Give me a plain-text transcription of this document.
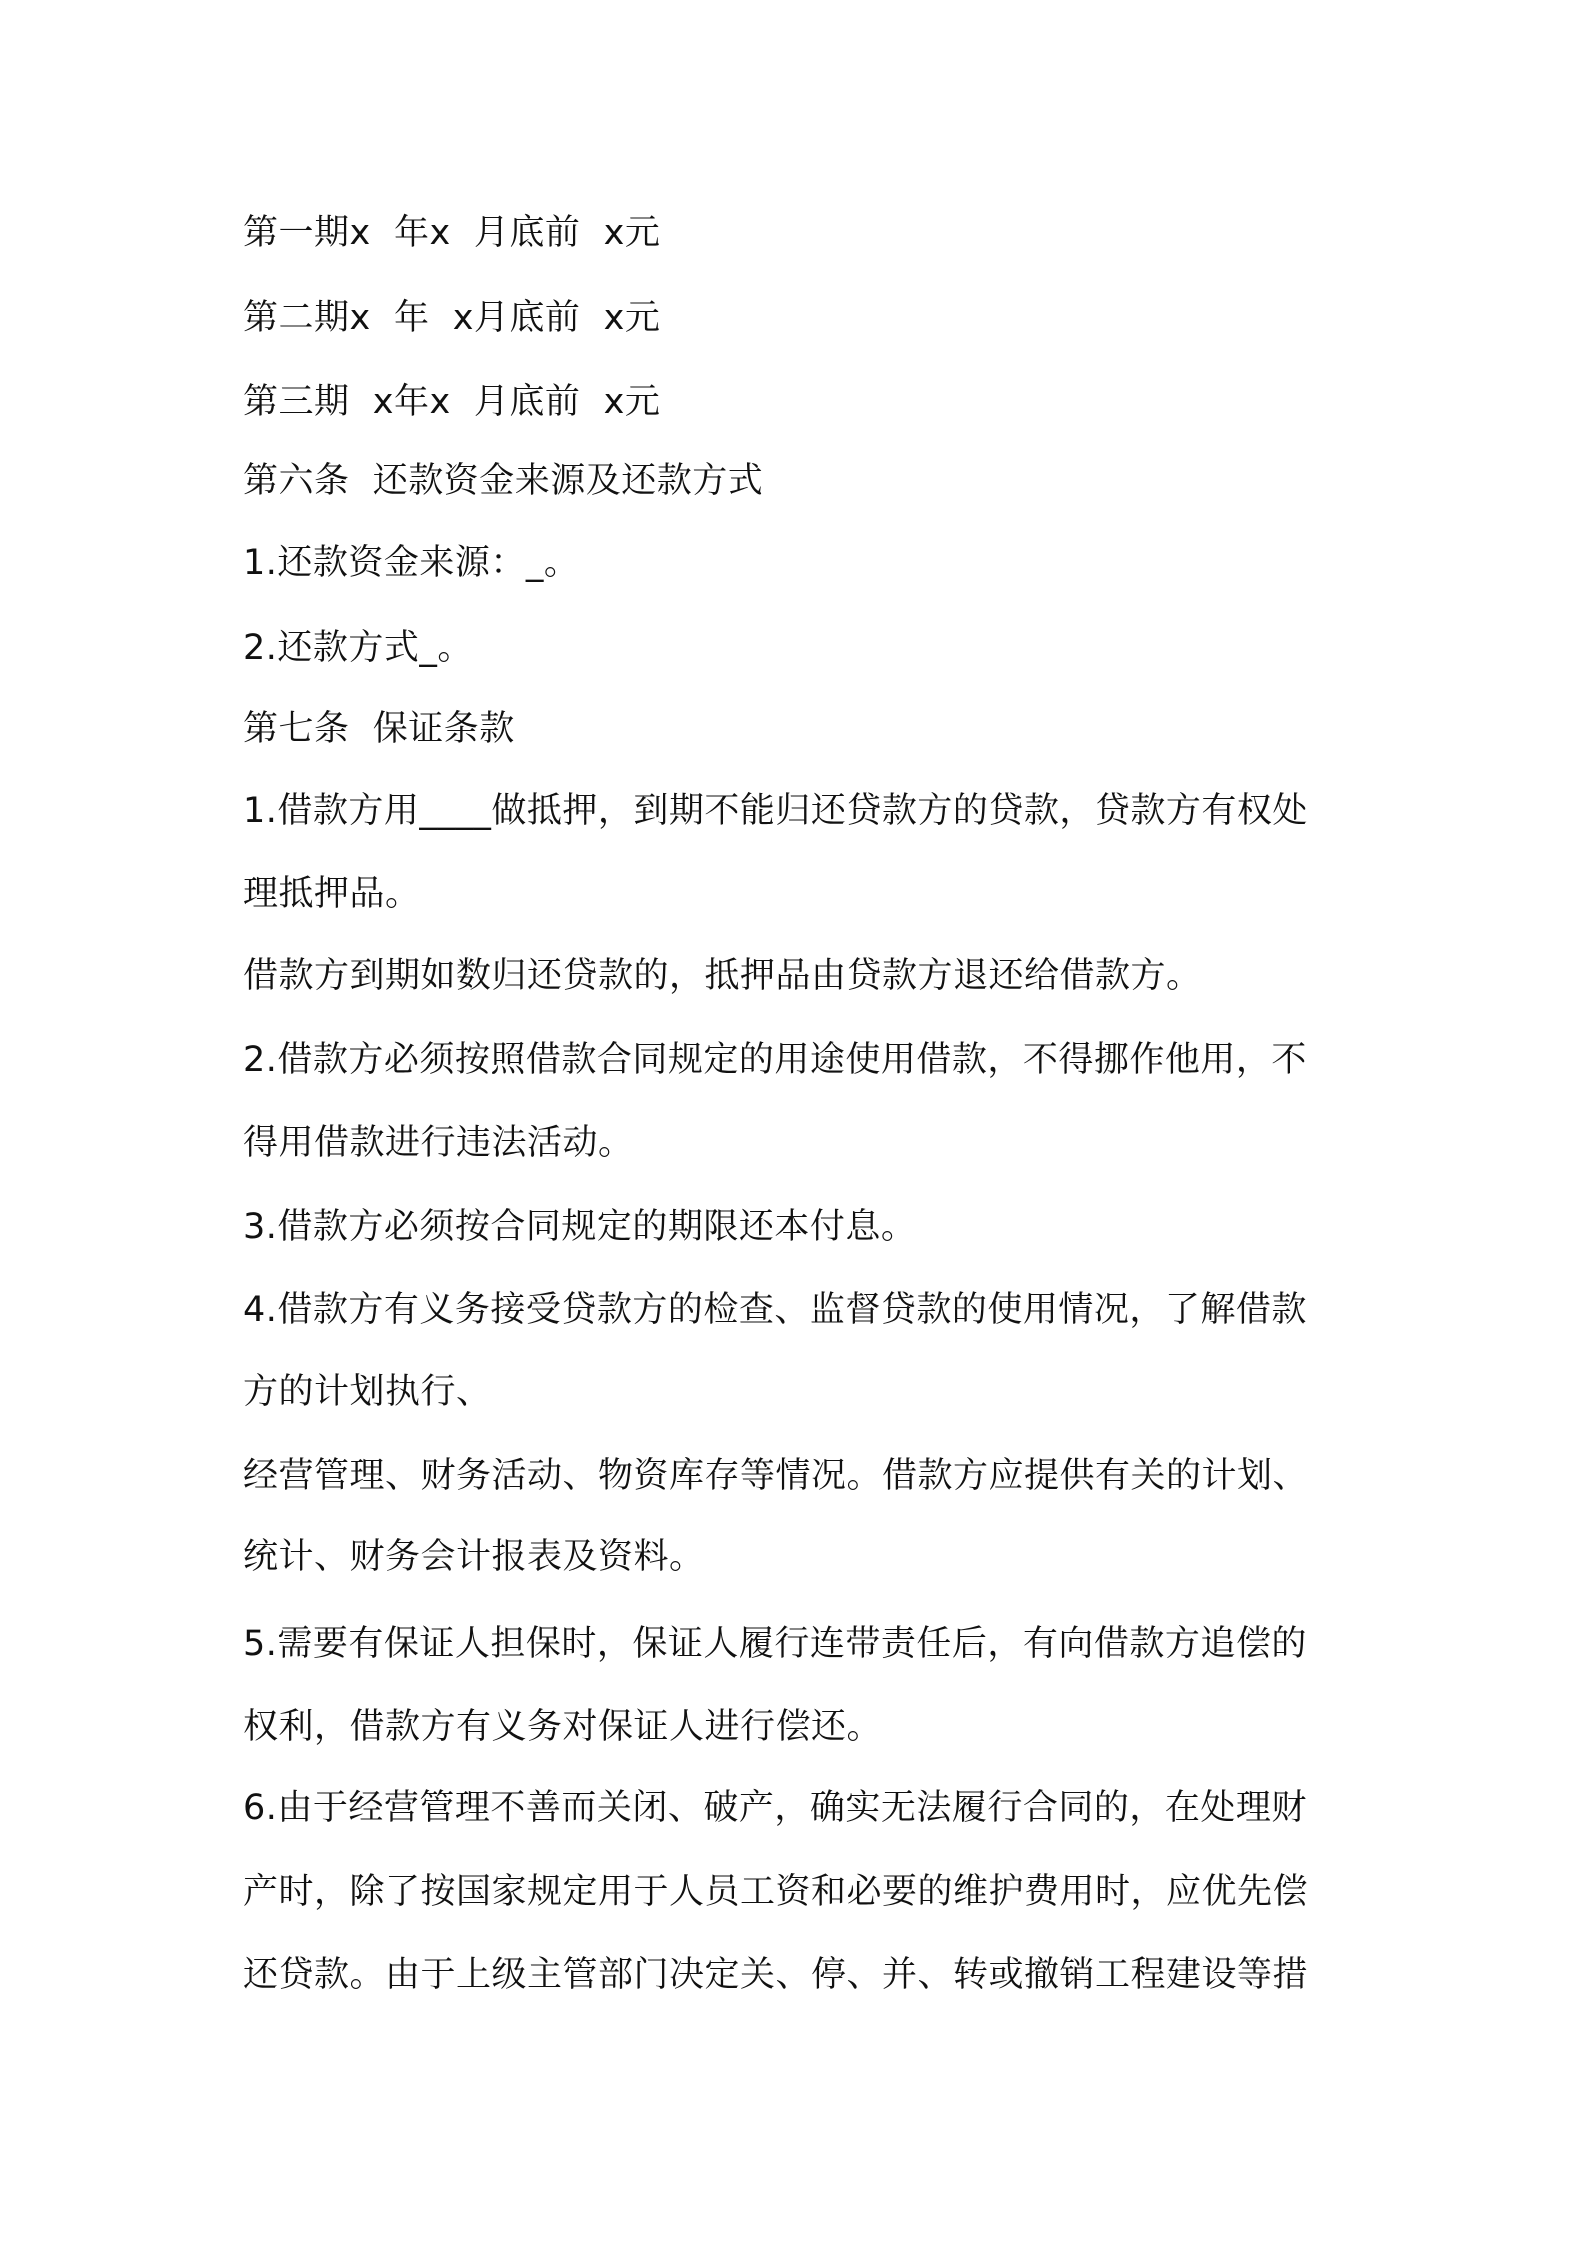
第一期x  年x  月底前  x元
第二期x  年  x月底前  x元
第三期  x年x  月底前  x元
第六条  还款资金来源及还款方式
1.还款资金来源：_。
2.还款方式_。
第七条  保证条款
1.借款方用____做抵押，到期不能归还贷款方的贷款，贷款方有权处
理抵押品。
借款方到期如数归还贷款的，抵押品由贷款方退还给借款方。
2.借款方必须按照借款合同规定的用途使用借款，不得挪作他用，不
得用借款进行违法活动。
3.借款方必须按合同规定的期限还本付息。
4.借款方有义务接受贷款方的检查、监督贷款的使用情况，了解借款
方的计划执行、
经营管理、财务活动、物资库存等情况。借款方应提供有关的计划、
统计、财务会计报表及资料。
5.需要有保证人担保时，保证人履行连带责任后，有向借款方追偿的
权利，借款方有义务对保证人进行偿还。
6.由于经营管理不善而关闭、破产，确实无法履行合同的，在处理财
产时，除了按国家规定用于人员工资和必要的维护费用时，应优先偿
还贷款。由于上级主管部门决定关、停、并、转或撤销工程建设等措
